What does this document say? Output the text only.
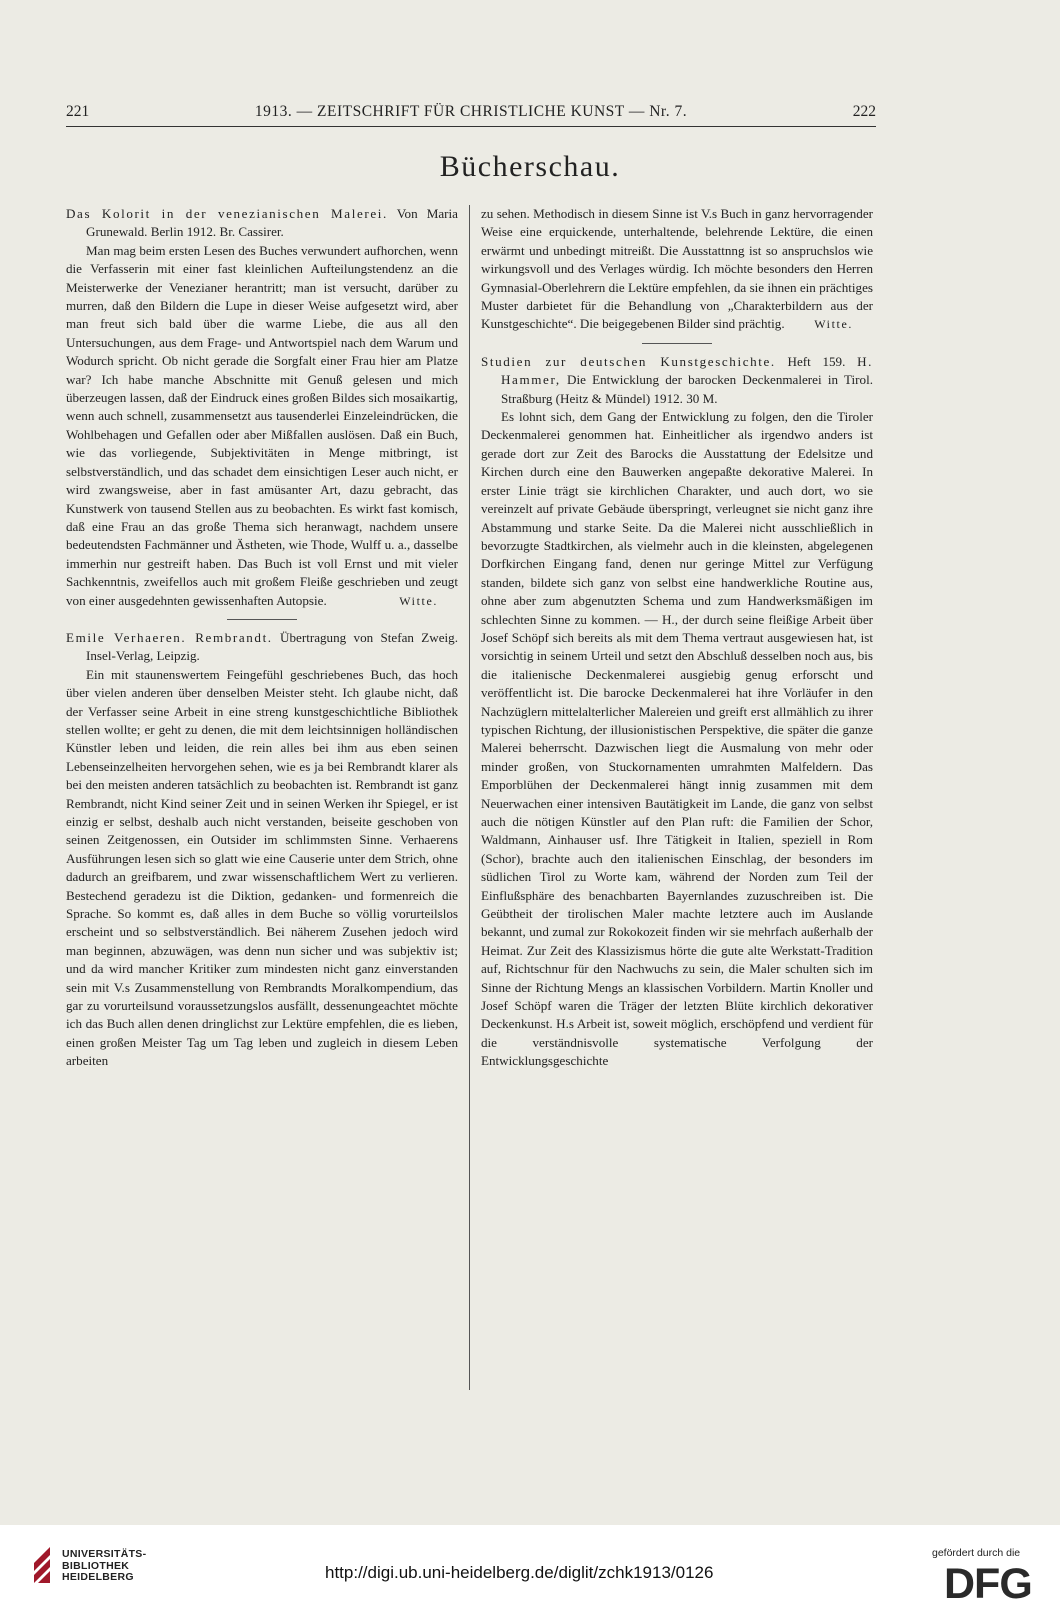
221	1913. — ZEITSCHRIFT FÜR CHRISTLICHE KUNST — Nr. 7.	222
Bücherschau.

Das Kolorit in der venezianischen Malerei. Von Maria Grunewald. Berlin 1912. Br. Cassirer.

Man mag beim ersten Lesen des Buches verwundert aufhorchen, wenn die Verfasserin mit einer fast kleinlichen Aufteilungstendenz an die Meisterwerke der Venezianer herantritt; man ist versucht, darüber zu murren, daß den Bildern die Lupe in dieser Weise aufgesetzt wird, aber man freut sich bald über die warme Liebe, die aus all den Untersuchungen, aus dem Frage- und Antwortspiel nach dem Warum und Wodurch spricht. Ob nicht gerade die Sorgfalt einer Frau hier am Platze war? Ich habe manche Abschnitte mit Genuß gelesen und mich überzeugen lassen, daß der Eindruck eines großen Bildes sich mosaikartig, wenn auch schnell, zusammensetzt aus tausenderlei Einzeleindrücken, die Wohlbehagen und Gefallen oder aber Mißfallen auslösen. Daß ein Buch, wie das vorliegende, Subjektivitäten in Menge mitbringt, ist selbstverständlich, und das schadet dem einsichtigen Leser auch nicht, er wird zwangsweise, aber in fast amüsanter Art, dazu gebracht, das Kunstwerk von tausend Stellen aus zu beobachten. Es wirkt fast komisch, daß eine Frau an das große Thema sich heranwagt, nachdem unsere bedeutendsten Fachmänner und Ästheten, wie Thode, Wulff u. a., dasselbe immerhin nur gestreift haben. Das Buch ist voll Ernst und mit vieler Sachkenntnis, zweifellos auch mit großem Fleiße geschrieben und zeugt von einer ausgedehnten gewissenhaften Autopsie.	Witte.

Emile Verhaeren. Rembrandt. Übertragung von Stefan Zweig. Insel-Verlag, Leipzig.

Ein mit staunenswertem Feingefühl geschriebenes Buch, das hoch über vielen anderen über denselben Meister steht. Ich glaube nicht, daß der Verfasser seine Arbeit in eine streng kunstgeschichtliche Bibliothek stellen wollte; er geht zu denen, die mit dem leichtsinnigen holländischen Künstler leben und leiden, die rein alles bei ihm aus eben seinen Lebenseinzelheiten hervorgehen sehen, wie es ja bei Rembrandt klarer als bei den meisten anderen tatsächlich zu beobachten ist. Rembrandt ist ganz Rembrandt, nicht Kind seiner Zeit und in seinen Werken ihr Spiegel, er ist einzig er selbst, deshalb auch nicht verstanden, beiseite geschoben von seinen Zeitgenossen, ein Outsider im schlimmsten Sinne. Verhaerens Ausführungen lesen sich so glatt wie eine Causerie unter dem Strich, ohne dadurch an greifbarem, und zwar wissenschaftlichem Wert zu verlieren. Bestechend geradezu ist die Diktion, gedanken- und formenreich die Sprache. So kommt es, daß alles in dem Buche so völlig vorurteilslos erscheint und so selbstverständlich. Bei näherem Zusehen jedoch wird man beginnen, abzuwägen, was denn nun sicher und was subjektiv ist; und da wird mancher Kritiker zum mindesten nicht ganz einverstanden sein mit V.s Zusammenstellung von Rembrandts Moralkompendium, das gar zu vorurteilsund voraussetzungslos ausfällt, dessenungeachtet möchte ich das Buch allen denen dringlichst zur Lektüre empfehlen, die es lieben, einen großen Meister Tag um Tag leben und zugleich in diesem Leben arbeiten

zu sehen. Methodisch in diesem Sinne ist V.s Buch in ganz hervorragender Weise eine erquickende, unterhaltende, belehrende Lektüre, die einen erwärmt und unbedingt mitreißt. Die Ausstattnng ist so anspruchslos wie wirkungsvoll und des Verlages würdig. Ich möchte besonders den Herren Gymnasial-Oberlehrern die Lektüre empfehlen, da sie ihnen ein prächtiges Muster darbietet für die Behandlung von „Charakterbildern aus der Kunstgeschichte“. Die beigegebenen Bilder sind prächtig. Witte.

Studien zur deutschen Kunstgeschichte. Heft 159. H. Hammer, Die Entwicklung der barocken Deckenmalerei in Tirol. Straßburg (Heitz & Mündel) 1912. 30 M.

Es lohnt sich, dem Gang der Entwicklung zu folgen, den die Tiroler Deckenmalerei genommen hat. Einheitlicher als irgendwo anders ist gerade dort zur Zeit des Barocks die Ausstattung der Edelsitze und Kirchen durch eine den Bauwerken angepaßte dekorative Malerei. In erster Linie trägt sie kirchlichen Charakter, und auch dort, wo sie vereinzelt auf private Gebäude überspringt, verleugnet sie nicht ganz ihre Abstammung und starke Seite. Da die Malerei nicht ausschließlich in bevorzugte Stadtkirchen, als vielmehr auch in die kleinsten, abgelegenen Dorfkirchen Eingang fand, denen nur geringe Mittel zur Verfügung standen, bildete sich ganz von selbst eine handwerkliche Routine aus, ohne aber zum abgenutzten Schema und zum Handwerksmäßigen im schlechten Sinne zu kommen. — H., der durch seine fleißige Arbeit über Josef Schöpf sich bereits als mit dem Thema vertraut ausgewiesen hat, ist vorsichtig in seinem Urteil und setzt den Abschluß desselben noch aus, bis die italienische Deckenmalerei ausgiebig genug erforscht und veröffentlicht ist. Die barocke Deckenmalerei hat ihre Vorläufer in den Nachzüglern mittelalterlicher Malereien und greift erst allmählich zu ihrer typischen Richtung, der illusionistischen Perspektive, die später die ganze Malerei beherrscht. Dazwischen liegt die Ausmalung von mehr oder minder großen, von Stuckornamenten umrahmten Malfeldern. Das Emporblühen der Deckenmalerei hängt innig zusammen mit dem Neuerwachen einer intensiven Bautätigkeit im Lande, die ganz von selbst auch die nötigen Künstler auf den Plan ruft: die Familien der Schor, Waldmann, Ainhauser usf. Ihre Tätigkeit in Italien, speziell in Rom (Schor), brachte auch den italienischen Einschlag, der besonders im südlichen Tirol zu Worte kam, während der Norden zum Teil der Einflußsphäre des benachbarten Bayernlandes zuzuschreiben ist. Die Geübtheit der tirolischen Maler machte letztere auch im Auslande bekannt, und zumal zur Rokokozeit finden wir sie mehrfach außerhalb der Heimat. Zur Zeit des Klassizismus hörte die gute alte Werkstatt-Tradition auf, Richtschnur für den Nachwuchs zu sein, die Maler schulten sich im Sinne der Richtung Mengs an klassischen Vorbildern. Martin Knoller und Josef Schöpf waren die Träger der letzten Blüte kirchlich dekorativer Deckenkunst. H.s Arbeit ist, soweit möglich, erschöpfend und verdient für die verständnisvolle systematische Verfolgung der Entwicklungsgeschichte

UNIVERSITÄTS-
BIBLIOTHEK
HEIDELBERG	http://digi.ub.uni-heidelberg.de/diglit/zchk1913/0126
gefördert durch die
DFG
